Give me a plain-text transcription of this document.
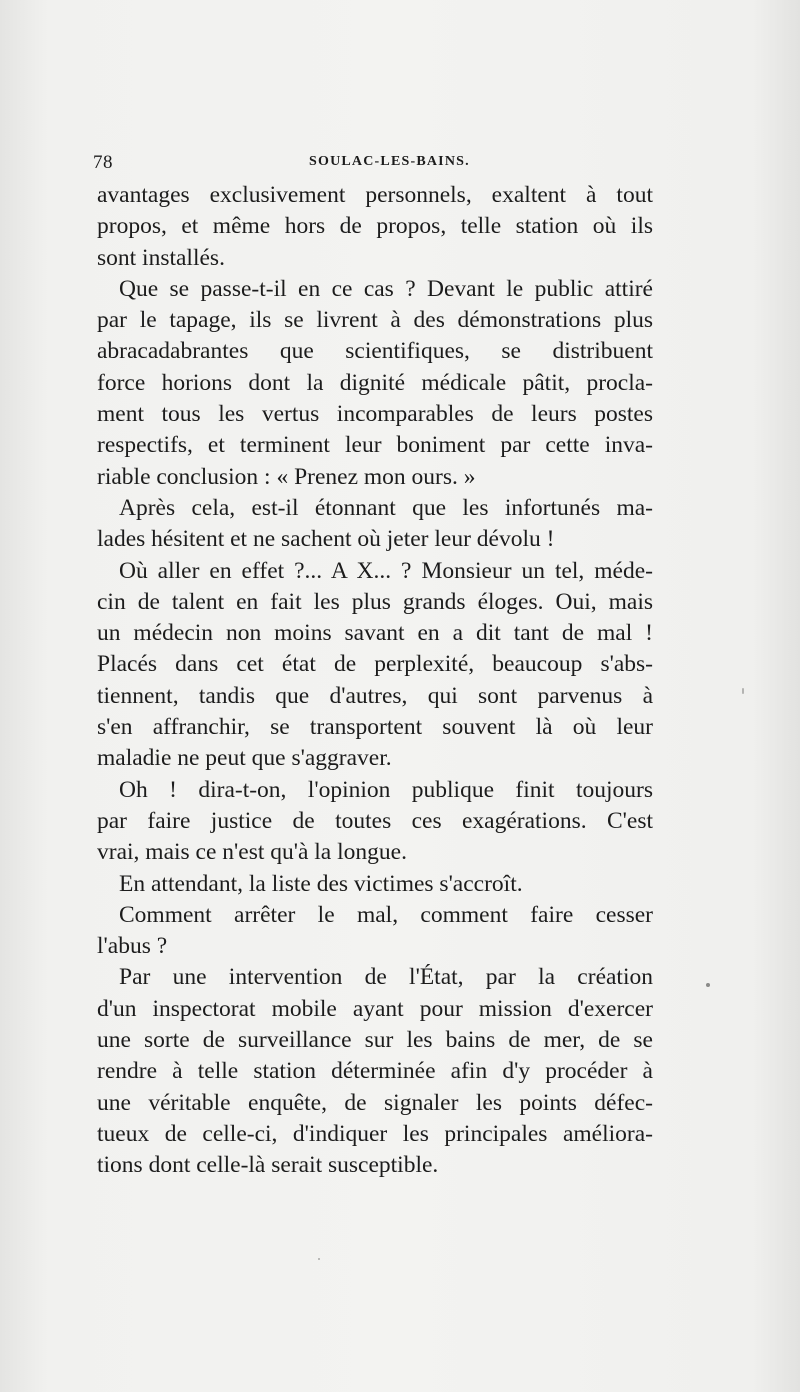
78	SOULAC-LES-BAINS.
avantages exclusivement personnels, exaltent à tout
propos, et même hors de propos, telle station où ils
sont installés.
Que se passe-t-il en ce cas ? Devant le public attiré
par le tapage, ils se livrent à des démonstrations plus
abracadabrantes que scientifiques, se distribuent
force horions dont la dignité médicale pâtit, procla-
ment tous les vertus incomparables de leurs postes
respectifs, et terminent leur boniment par cette inva-
riable conclusion : « Prenez mon ours. »
Après cela, est-il étonnant que les infortunés ma-
lades hésitent et ne sachent où jeter leur dévolu !
Où aller en effet ?... A X... ? Monsieur un tel, méde-
cin de talent en fait les plus grands éloges. Oui, mais
un médecin non moins savant en a dit tant de mal !
Placés dans cet état de perplexité, beaucoup s'abs-
tiennent, tandis que d'autres, qui sont parvenus à
s'en affranchir, se transportent souvent là où leur
maladie ne peut que s'aggraver.
Oh ! dira-t-on, l'opinion publique finit toujours
par faire justice de toutes ces exagérations. C'est
vrai, mais ce n'est qu'à la longue.
En attendant, la liste des victimes s'accroît.
Comment arrêter le mal, comment faire cesser
l'abus ?
Par une intervention de l'État, par la création
d'un inspectorat mobile ayant pour mission d'exercer
une sorte de surveillance sur les bains de mer, de se
rendre à telle station déterminée afin d'y procéder à
une véritable enquête, de signaler les points défec-
tueux de celle-ci, d'indiquer les principales améliora-
tions dont celle-là serait susceptible.
